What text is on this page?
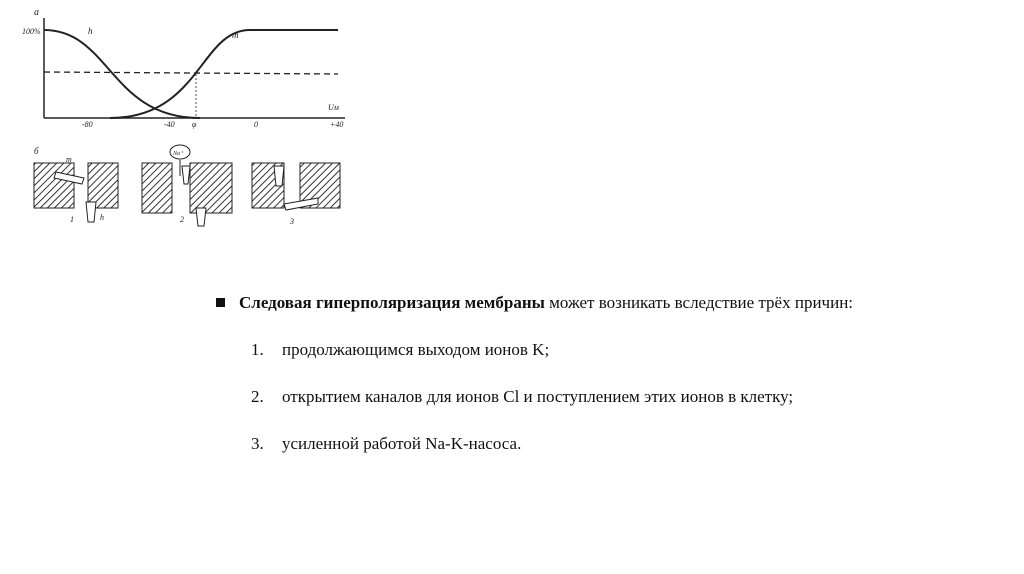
а
100%	h	m
Uм
-80	-40 φ	0	+40
б
m
h
1
Na⁺
2	3
Следовая гиперполяризация мембраны может возникать вследствие трёх причин:
1.	продолжающимся выходом ионов K;
2.	открытием каналов для ионов Cl и поступлением этих ионов в клетку;
3.	усиленной работой Na-K-насоса.
